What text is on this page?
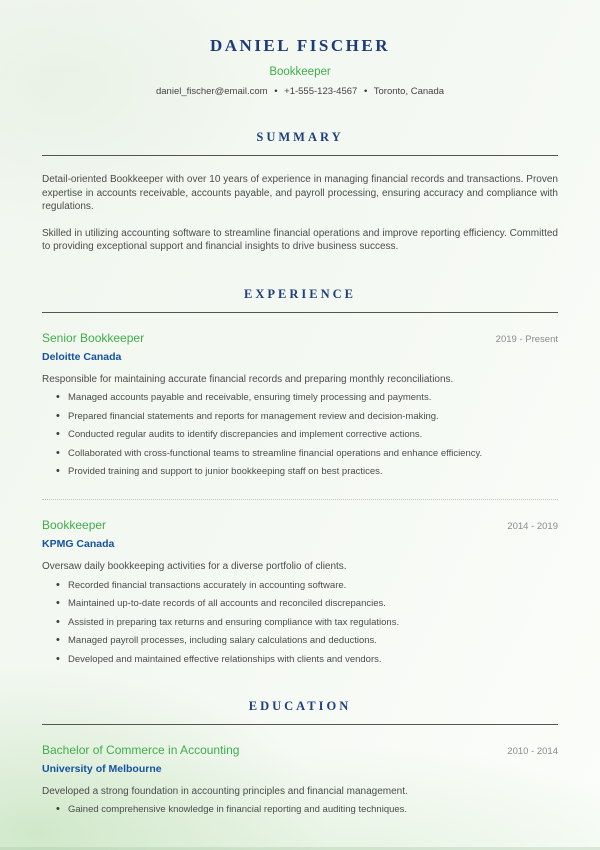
DANIEL FISCHER
Bookkeeper
daniel_fischer@email.com • +1-555-123-4567 • Toronto, Canada
SUMMARY

Detail-oriented Bookkeeper with over 10 years of experience in managing financial records and transactions. Proven expertise in accounts receivable, accounts payable, and payroll processing, ensuring accuracy and compliance with regulations.

Skilled in utilizing accounting software to streamline financial operations and improve reporting efficiency. Committed to providing exceptional support and financial insights to drive business success.

EXPERIENCE
Senior Bookkeeper	2019 - Present
Deloitte Canada

Responsible for maintaining accurate financial records and preparing monthly reconciliations.

• Managed accounts payable and receivable, ensuring timely processing and payments.
• Prepared financial statements and reports for management review and decision-making.
• Conducted regular audits to identify discrepancies and implement corrective actions.
• Collaborated with cross-functional teams to streamline financial operations and enhance efficiency.
• Provided training and support to junior bookkeeping staff on best practices.
Bookkeeper	2014 - 2019
KPMG Canada

Oversaw daily bookkeeping activities for a diverse portfolio of clients.

• Recorded financial transactions accurately in accounting software.
• Maintained up-to-date records of all accounts and reconciled discrepancies.
• Assisted in preparing tax returns and ensuring compliance with tax regulations.
• Managed payroll processes, including salary calculations and deductions.
• Developed and maintained effective relationships with clients and vendors.
EDUCATION
Bachelor of Commerce in Accounting	2010 - 2014
University of Melbourne

Developed a strong foundation in accounting principles and financial management.

• Gained comprehensive knowledge in financial reporting and auditing techniques.
